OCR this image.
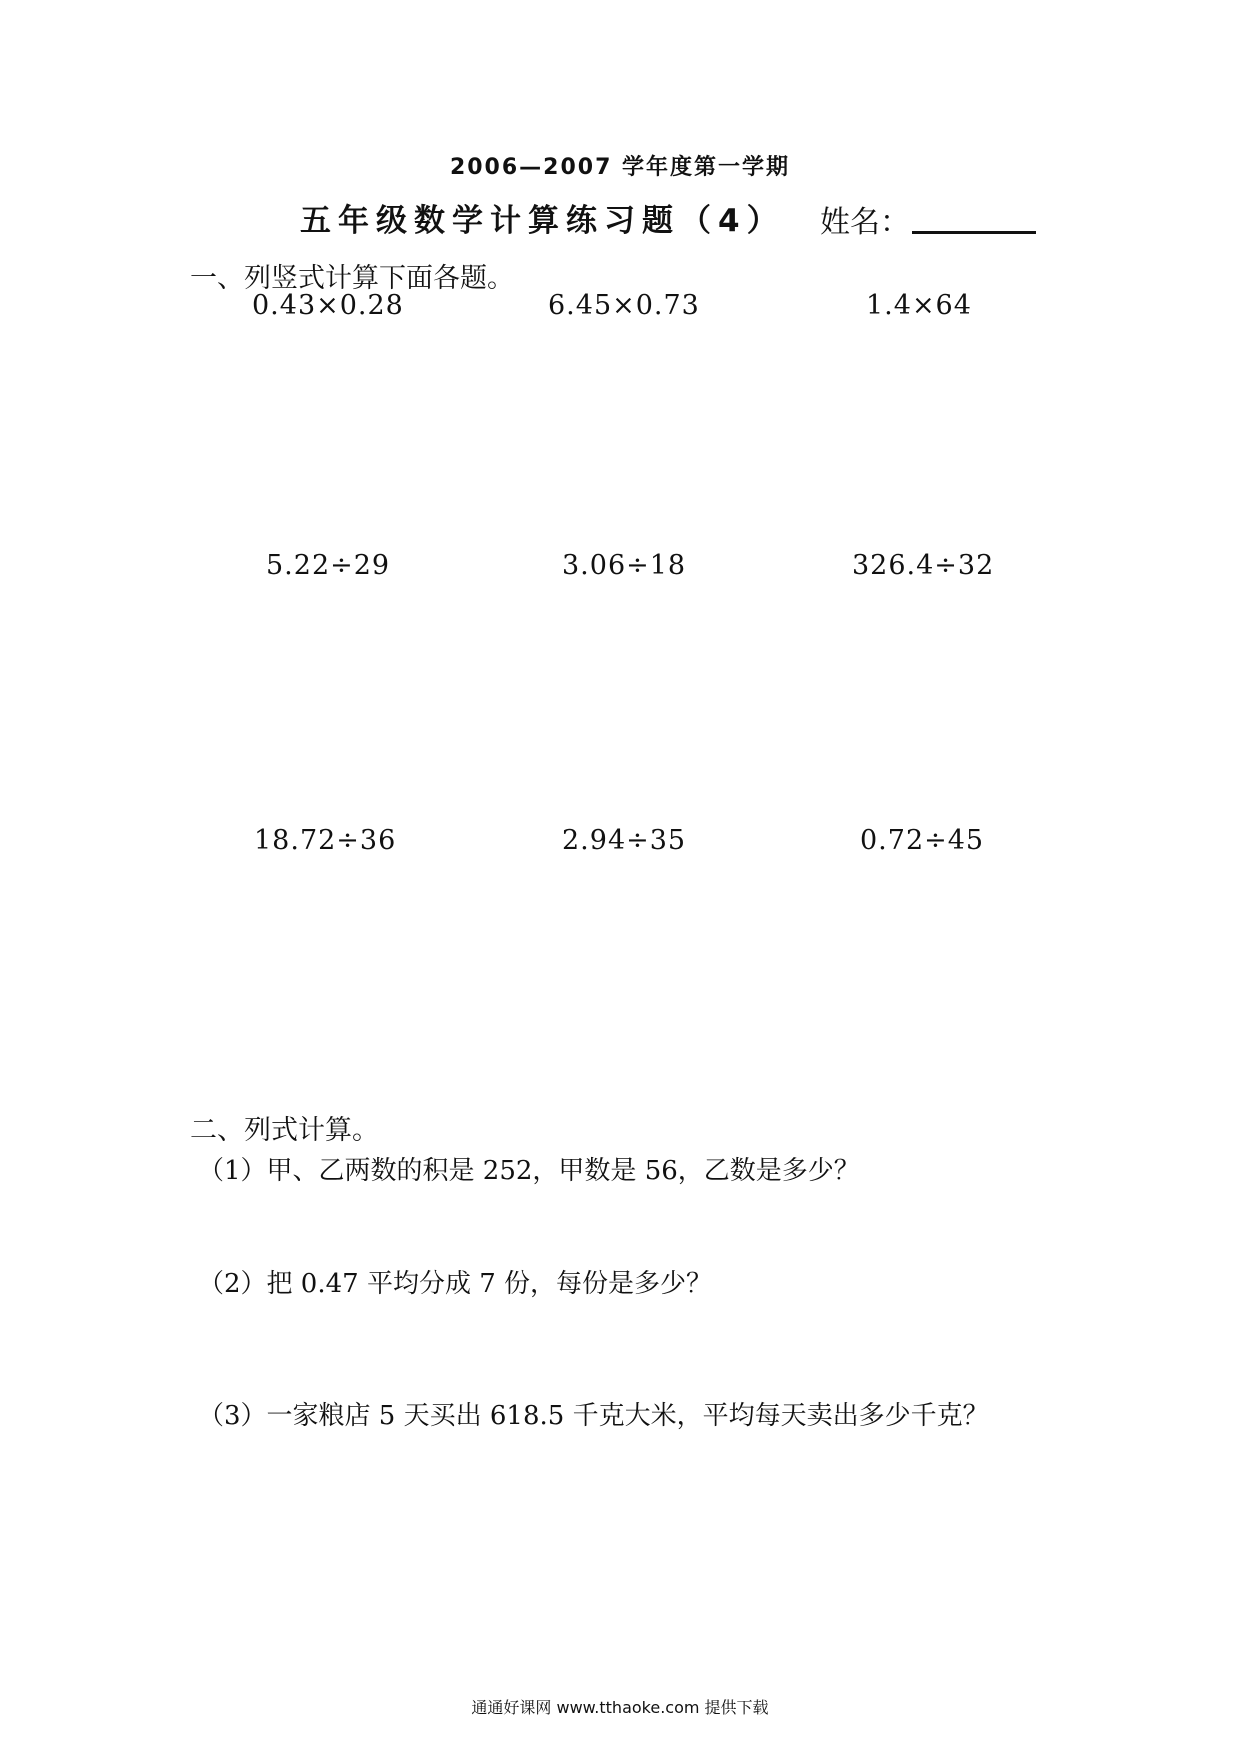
2006—2007 学年度第一学期
五年级数学计算练习题（4） 姓名：
一、列竖式计算下面各题。
0.43×0.28	6.45×0.73	1.4×64
5.22÷29	3.06÷18	326.4÷32
18.72÷36	2.94÷35	0.72÷45
二、列式计算。
（1）甲、乙两数的积是 252，甲数是 56，乙数是多少？
（2）把 0.47 平均分成 7 份，每份是多少？
（3）一家粮店 5 天买出 618.5 千克大米，平均每天卖出多少千克？
通通好课网 www.tthaoke.com 提供下载
